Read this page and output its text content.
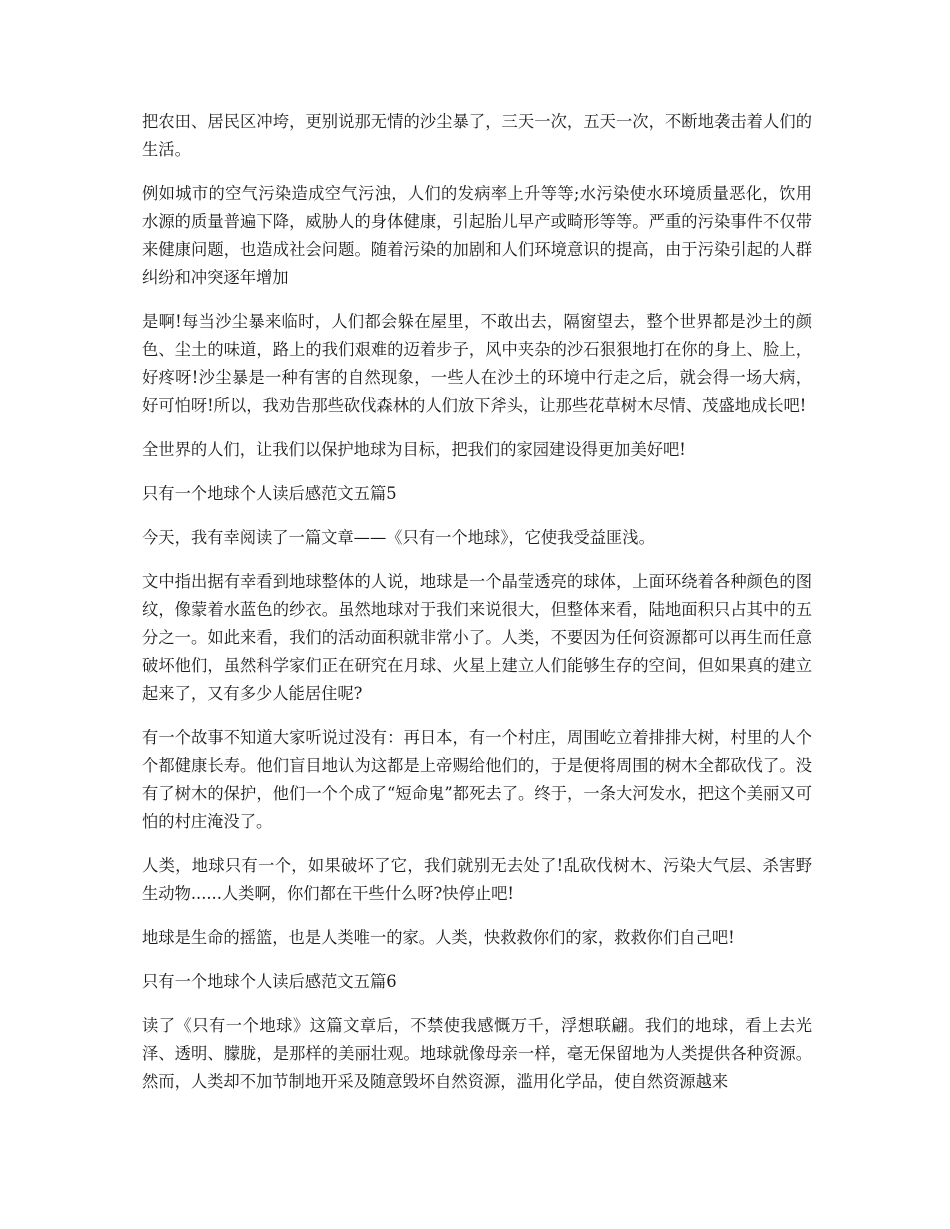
把农田、居民区冲垮，更别说那无情的沙尘暴了，三天一次，五天一次，不断地袭击着人们的生活。

例如城市的空气污染造成空气污浊，人们的发病率上升等等;水污染使水环境质量恶化，饮用水源的质量普遍下降，威胁人的身体健康，引起胎儿早产或畸形等等。严重的污染事件不仅带来健康问题，也造成社会问题。随着污染的加剧和人们环境意识的提高，由于污染引起的人群纠纷和冲突逐年增加

是啊!每当沙尘暴来临时，人们都会躲在屋里，不敢出去，隔窗望去，整个世界都是沙土的颜色、尘土的味道，路上的我们艰难的迈着步子，风中夹杂的沙石狠狠地打在你的身上、脸上，好疼呀!沙尘暴是一种有害的自然现象，一些人在沙土的环境中行走之后，就会得一场大病，好可怕呀!所以，我劝告那些砍伐森林的人们放下斧头，让那些花草树木尽情、茂盛地成长吧!

全世界的人们，让我们以保护地球为目标，把我们的家园建设得更加美好吧!

只有一个地球个人读后感范文五篇5

今天，我有幸阅读了一篇文章——《只有一个地球》，它使我受益匪浅。

文中指出据有幸看到地球整体的人说，地球是一个晶莹透亮的球体，上面环绕着各种颜色的图纹，像蒙着水蓝色的纱衣。虽然地球对于我们来说很大，但整体来看，陆地面积只占其中的五分之一。如此来看，我们的活动面积就非常小了。人类，不要因为任何资源都可以再生而任意破坏他们，虽然科学家们正在研究在月球、火星上建立人们能够生存的空间，但如果真的建立起来了，又有多少人能居住呢?

有一个故事不知道大家听说过没有：再日本，有一个村庄，周围屹立着排排大树，村里的人个个都健康长寿。他们盲目地认为这都是上帝赐给他们的，于是便将周围的树木全都砍伐了。没有了树木的保护，他们一个个成了“短命鬼”都死去了。终于，一条大河发水，把这个美丽又可怕的村庄淹没了。

人类，地球只有一个，如果破坏了它，我们就别无去处了!乱砍伐树木、污染大气层、杀害野生动物......人类啊，你们都在干些什么呀?快停止吧!

地球是生命的摇篮，也是人类唯一的家。人类，快救救你们的家，救救你们自己吧!

只有一个地球个人读后感范文五篇6

读了《只有一个地球》这篇文章后，不禁使我感慨万千，浮想联翩。我们的地球，看上去光泽、透明、朦胧，是那样的美丽壮观。地球就像母亲一样，毫无保留地为人类提供各种资源。然而，人类却不加节制地开采及随意毁坏自然资源，滥用化学品，使自然资源越来
